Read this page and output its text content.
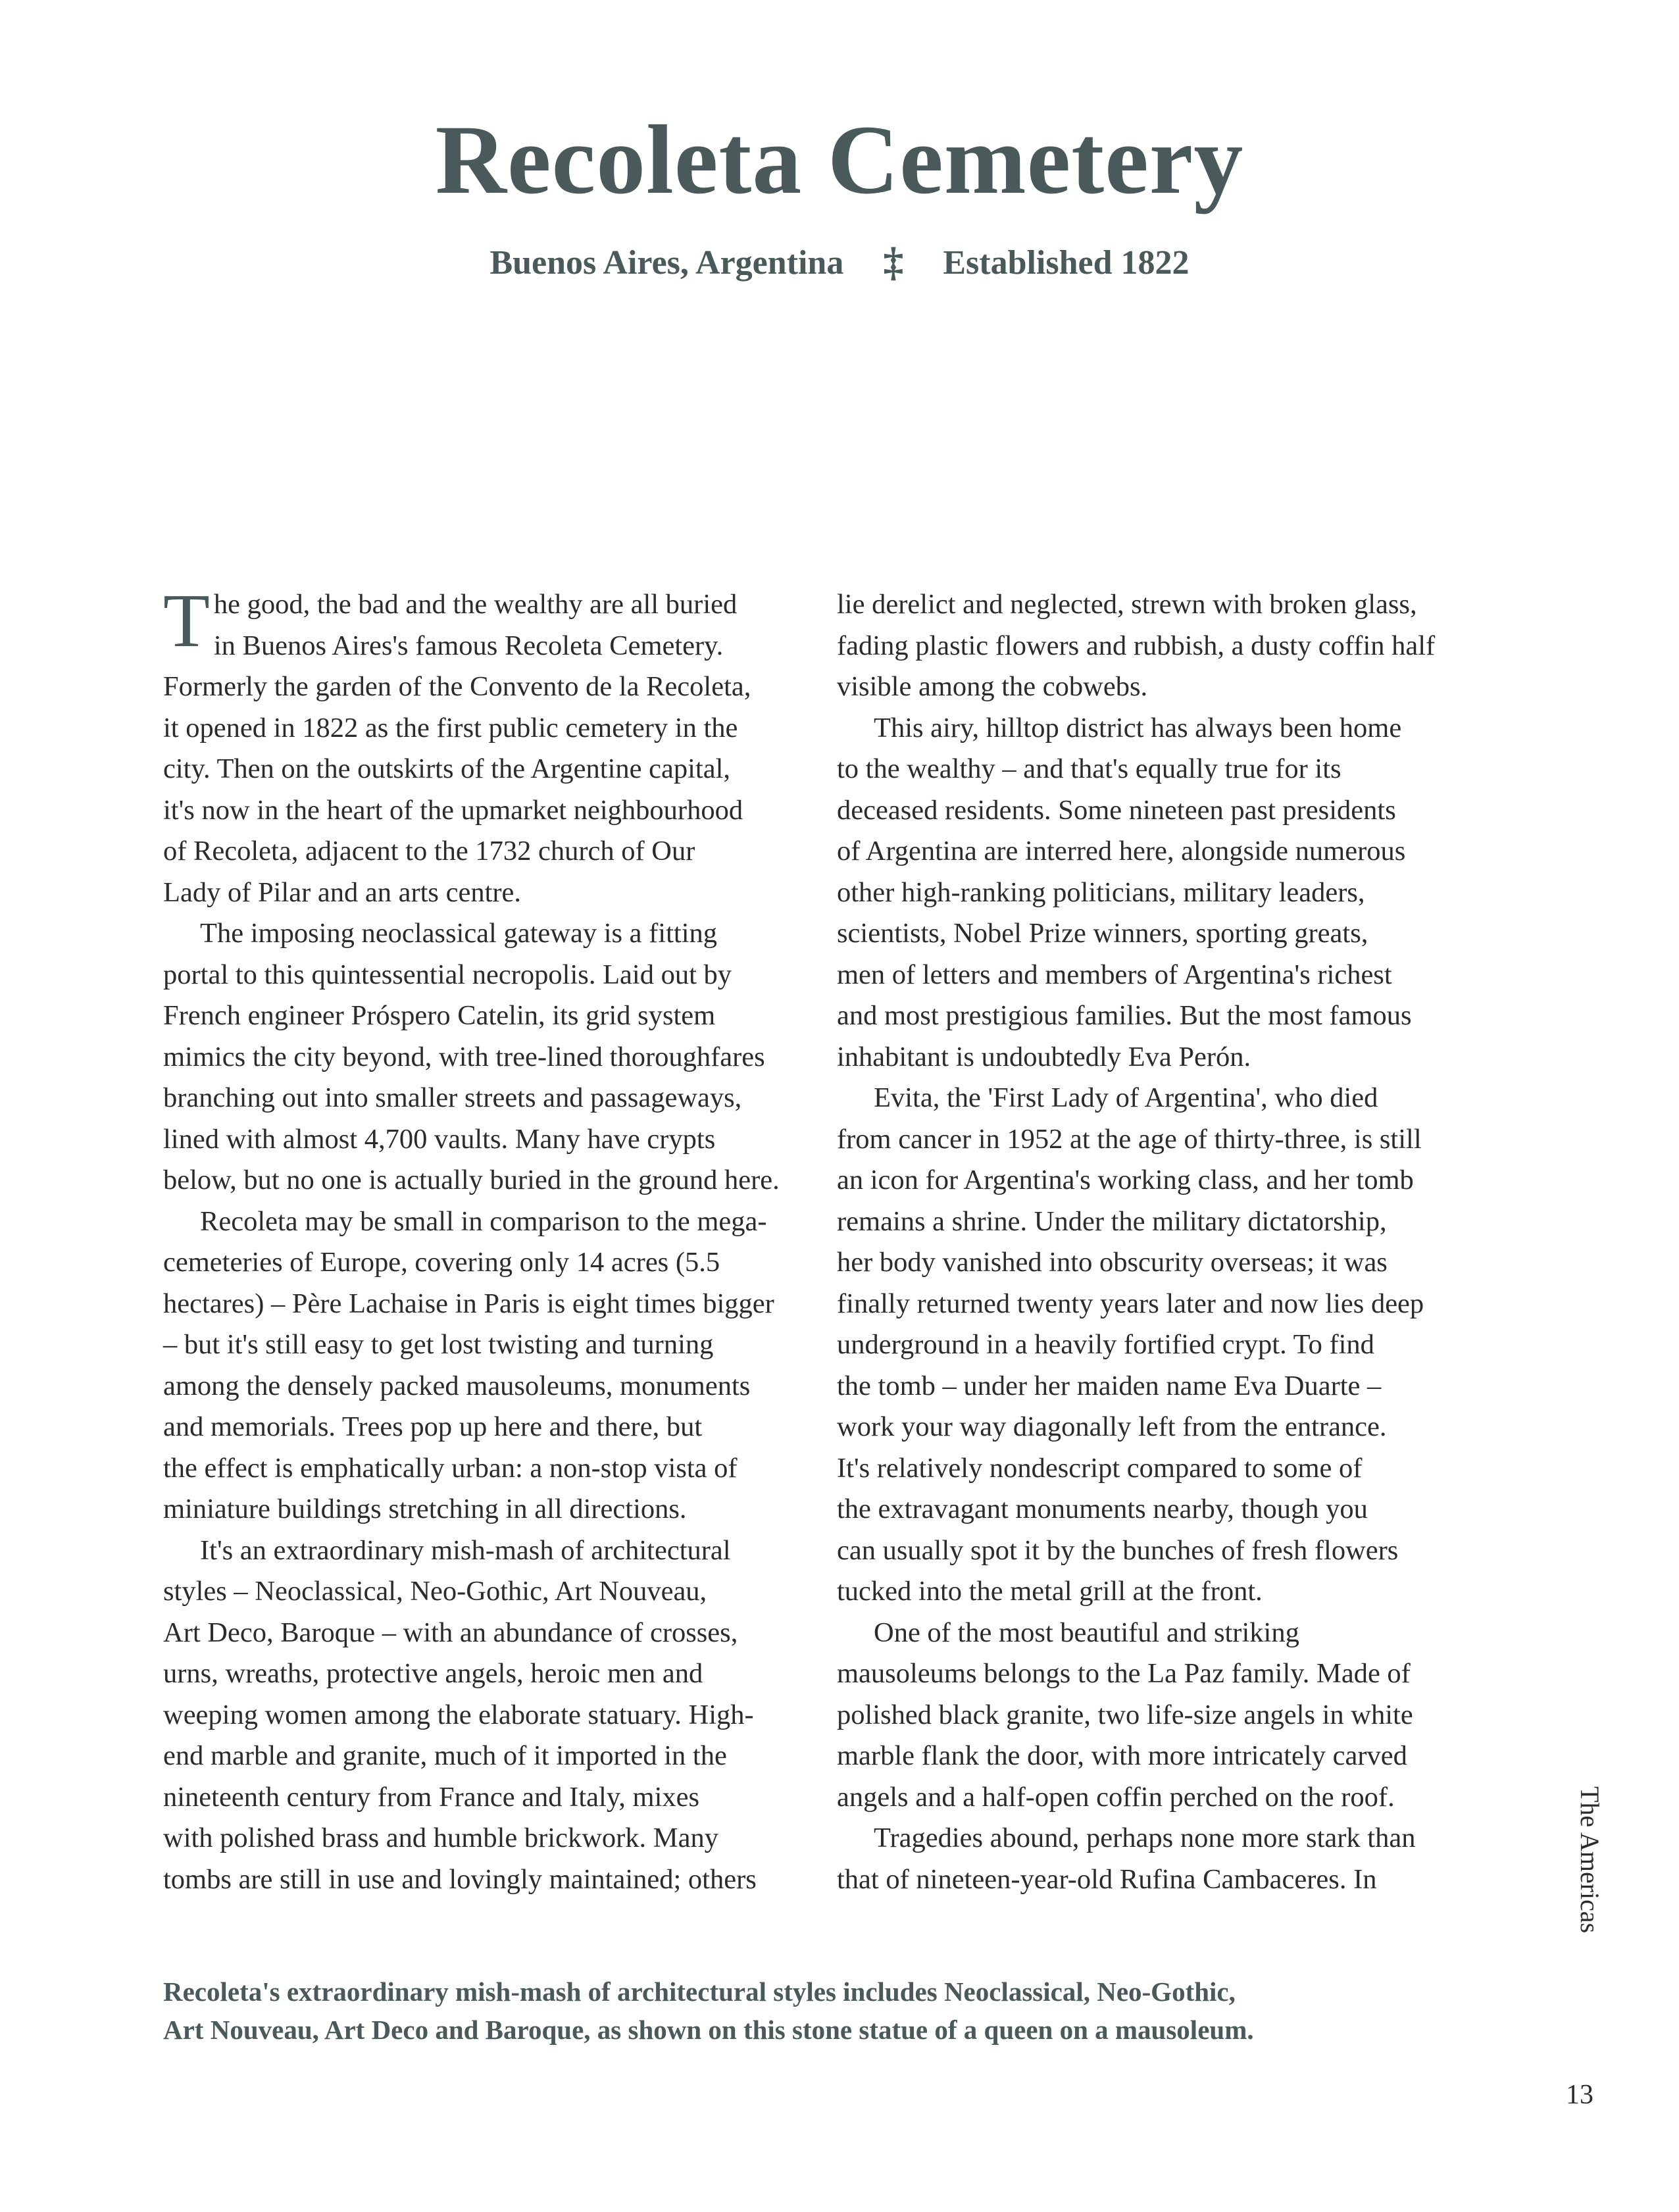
Recoleta Cemetery
Buenos Aires, Argentina ‡ Established 1822

T he good, the bad and the wealthy are all buried
in Buenos Aires's famous Recoleta Cemetery.
Formerly the garden of the Convento de la Recoleta,
it opened in 1822 as the first public cemetery in the
city. Then on the outskirts of the Argentine capital,
it's now in the heart of the upmarket neighbourhood
of Recoleta, adjacent to the 1732 church of Our
Lady of Pilar and an arts centre.

The imposing neoclassical gateway is a fitting
portal to this quintessential necropolis. Laid out by
French engineer Próspero Catelin, its grid system
mimics the city beyond, with tree-lined thoroughfares
branching out into smaller streets and passageways,
lined with almost 4,700 vaults. Many have crypts
below, but no one is actually buried in the ground here.

Recoleta may be small in comparison to the mega-
cemeteries of Europe, covering only 14 acres (5.5
hectares) – Père Lachaise in Paris is eight times bigger
– but it's still easy to get lost twisting and turning
among the densely packed mausoleums, monuments
and memorials. Trees pop up here and there, but
the effect is emphatically urban: a non-stop vista of
miniature buildings stretching in all directions.

It's an extraordinary mish-mash of architectural
styles – Neoclassical, Neo-Gothic, Art Nouveau,
Art Deco, Baroque – with an abundance of crosses,
urns, wreaths, protective angels, heroic men and
weeping women among the elaborate statuary. High-
end marble and granite, much of it imported in the
nineteenth century from France and Italy, mixes
with polished brass and humble brickwork. Many
tombs are still in use and lovingly maintained; others

lie derelict and neglected, strewn with broken glass,
fading plastic flowers and rubbish, a dusty coffin half
visible among the cobwebs.

This airy, hilltop district has always been home
to the wealthy – and that's equally true for its
deceased residents. Some nineteen past presidents
of Argentina are interred here, alongside numerous
other high-ranking politicians, military leaders,
scientists, Nobel Prize winners, sporting greats,
men of letters and members of Argentina's richest
and most prestigious families. But the most famous
inhabitant is undoubtedly Eva Perón.

Evita, the 'First Lady of Argentina', who died
from cancer in 1952 at the age of thirty-three, is still
an icon for Argentina's working class, and her tomb
remains a shrine. Under the military dictatorship,
her body vanished into obscurity overseas; it was
finally returned twenty years later and now lies deep
underground in a heavily fortified crypt. To find
the tomb – under her maiden name Eva Duarte –
work your way diagonally left from the entrance.
It's relatively nondescript compared to some of
the extravagant monuments nearby, though you
can usually spot it by the bunches of fresh flowers
tucked into the metal grill at the front.

One of the most beautiful and striking
mausoleums belongs to the La Paz family. Made of
polished black granite, two life-size angels in white
marble flank the door, with more intricately carved
angels and a half-open coffin perched on the roof.

Tragedies abound, perhaps none more stark than
that of nineteen-year-old Rufina Cambaceres. In

Recoleta's extraordinary mish-mash of architectural styles includes Neoclassical, Neo-Gothic,
Art Nouveau, Art Deco and Baroque, as shown on this stone statue of a queen on a mausoleum.
The Americas
13
